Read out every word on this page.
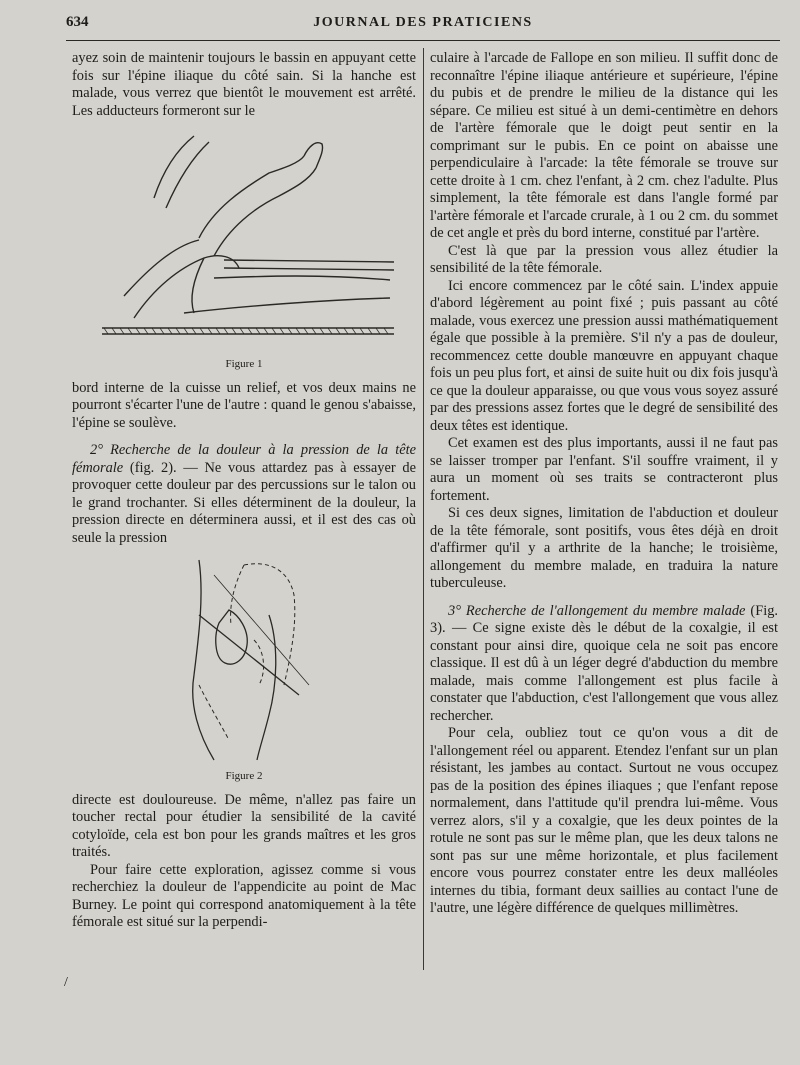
634	JOURNAL DES PRATICIENS

ayez soin de maintenir toujours le bassin en appuyant cette fois sur l'épine iliaque du côté sain. Si la hanche est malade, vous verrez que bientôt le mouvement est arrêté. Les adducteurs formeront sur le

Figure 1

bord interne de la cuisse un relief, et vos deux mains ne pourront s'écarter l'une de l'autre : quand le genou s'abaisse, l'épine se soulève.

2° Recherche de la douleur à la pression de la tête fémorale (fig. 2). — Ne vous attardez pas à essayer de provoquer cette douleur par des percussions sur le talon ou le grand trochanter. Si elles déterminent de la douleur, la pression directe en déterminera aussi, et il est des cas où seule la pression

Figure 2

directe est douloureuse. De même, n'allez pas faire un toucher rectal pour étudier la sensibilité de la cavité cotyloïde, cela est bon pour les grands maîtres et les gros traités.

Pour faire cette exploration, agissez comme si vous recherchiez la douleur de l'appendicite au point de Mac Burney. Le point qui correspond anatomiquement à la tête fémorale est situé sur la perpendi-

culaire à l'arcade de Fallope en son milieu. Il suffit donc de reconnaître l'épine iliaque antérieure et supérieure, l'épine du pubis et de prendre le milieu de la distance qui les sépare. Ce milieu est situé à un demi-centimètre en dehors de l'artère fémorale que le doigt peut sentir en la comprimant sur le pubis. En ce point on abaisse une perpendiculaire à l'arcade: la tête fémorale se trouve sur cette droite à 1 cm. chez l'enfant, à 2 cm. chez l'adulte. Plus simplement, la tête fémorale est dans l'angle formé par l'artère fémorale et l'arcade crurale, à 1 ou 2 cm. du sommet de cet angle et près du bord interne, constitué par l'artère.

C'est là que par la pression vous allez étudier la sensibilité de la tête fémorale.

Ici encore commencez par le côté sain. L'index appuie d'abord légèrement au point fixé ; puis passant au côté malade, vous exercez une pression aussi mathématiquement égale que possible à la première. S'il n'y a pas de douleur, recommencez cette double manœuvre en appuyant chaque fois un peu plus fort, et ainsi de suite huit ou dix fois jusqu'à ce que la douleur apparaisse, ou que vous vous soyez assuré par des pressions assez fortes que le degré de sensibilité des deux têtes est identique.

Cet examen est des plus importants, aussi il ne faut pas se laisser tromper par l'enfant. S'il souffre vraiment, il y aura un moment où ses traits se contracteront plus fortement.

Si ces deux signes, limitation de l'abduction et douleur de la tête fémorale, sont positifs, vous êtes déjà en droit d'affirmer qu'il y a arthrite de la hanche; le troisième, allongement du membre malade, en traduira la nature tuberculeuse.

3° Recherche de l'allongement du membre malade (Fig. 3). — Ce signe existe dès le début de la coxalgie, il est constant pour ainsi dire, quoique cela ne soit pas encore classique. Il est dû à un léger degré d'abduction du membre malade, mais comme l'allongement est plus facile à constater que l'abduction, c'est l'allongement que vous allez rechercher.

Pour cela, oubliez tout ce qu'on vous a dit de l'allongement réel ou apparent. Etendez l'enfant sur un plan résistant, les jambes au contact. Surtout ne vous occupez pas de la position des épines iliaques ; que l'enfant repose normalement, dans l'attitude qu'il prendra lui-même. Vous verrez alors, s'il y a coxalgie, que les deux pointes de la rotule ne sont pas sur le même plan, que les deux talons ne sont pas sur une même horizontale, et plus facilement encore vous pourrez constater entre les deux malléoles internes du tibia, formant deux saillies au contact l'une de l'autre, une légère différence de quelques millimètres.

/
